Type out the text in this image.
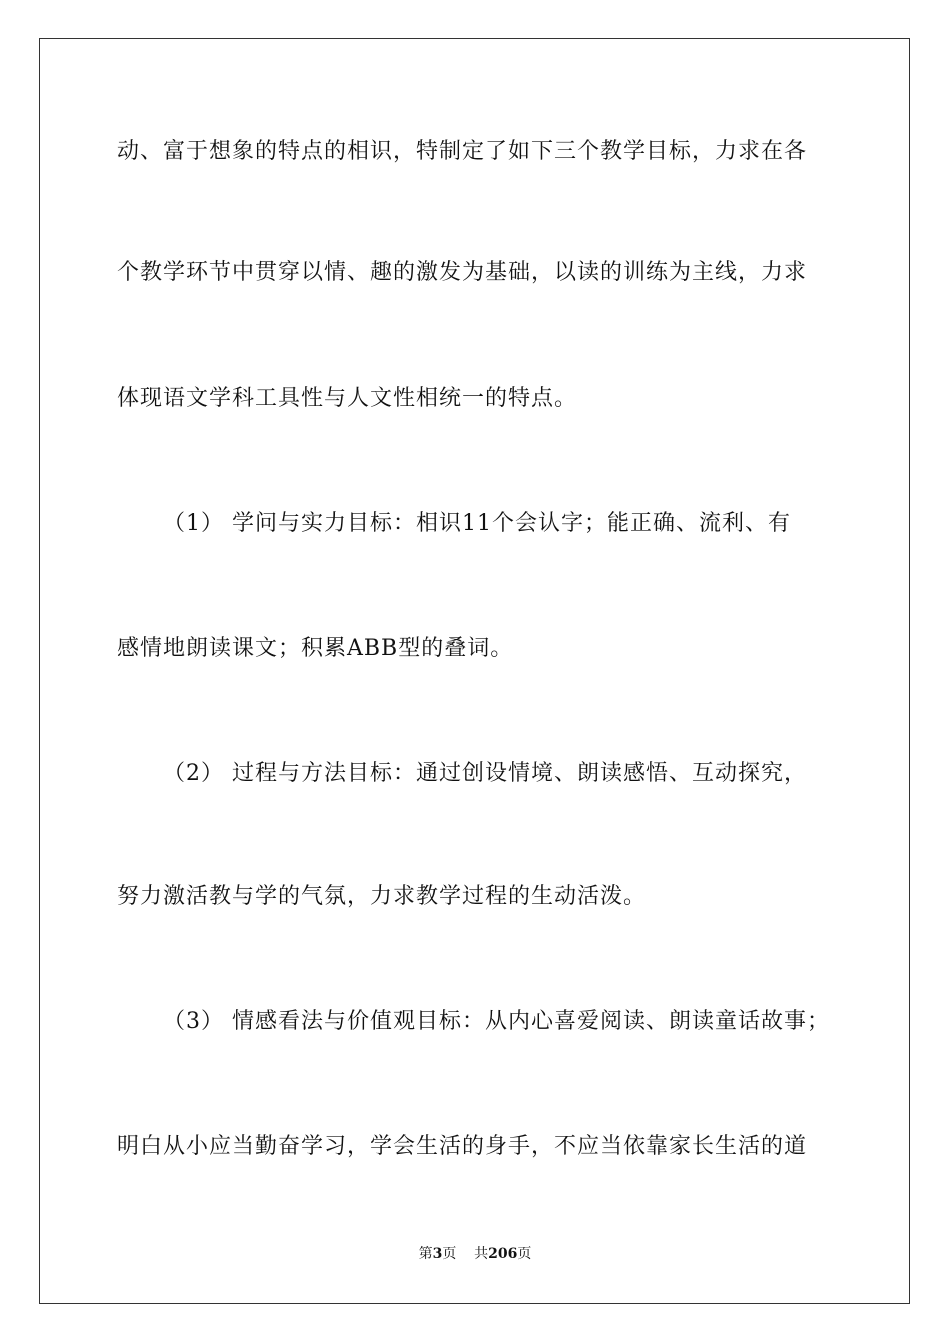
动、富于想象的特点的相识，特制定了如下三个教学目标，力求在各
个教学环节中贯穿以情、趣的激发为基础，以读的训练为主线，力求
体现语文学科工具性与人文性相统一的特点。
（1） 学问与实力目标：相识11个会认字；能正确、流利、有
感情地朗读课文；积累ABB型的叠词。
（2） 过程与方法目标：通过创设情境、朗读感悟、互动探究，
努力激活教与学的气氛，力求教学过程的生动活泼。
（3） 情感看法与价值观目标：从内心喜爱阅读、朗读童话故事；
明白从小应当勤奋学习，学会生活的身手，不应当依靠家长生活的道
第3页 共206页
